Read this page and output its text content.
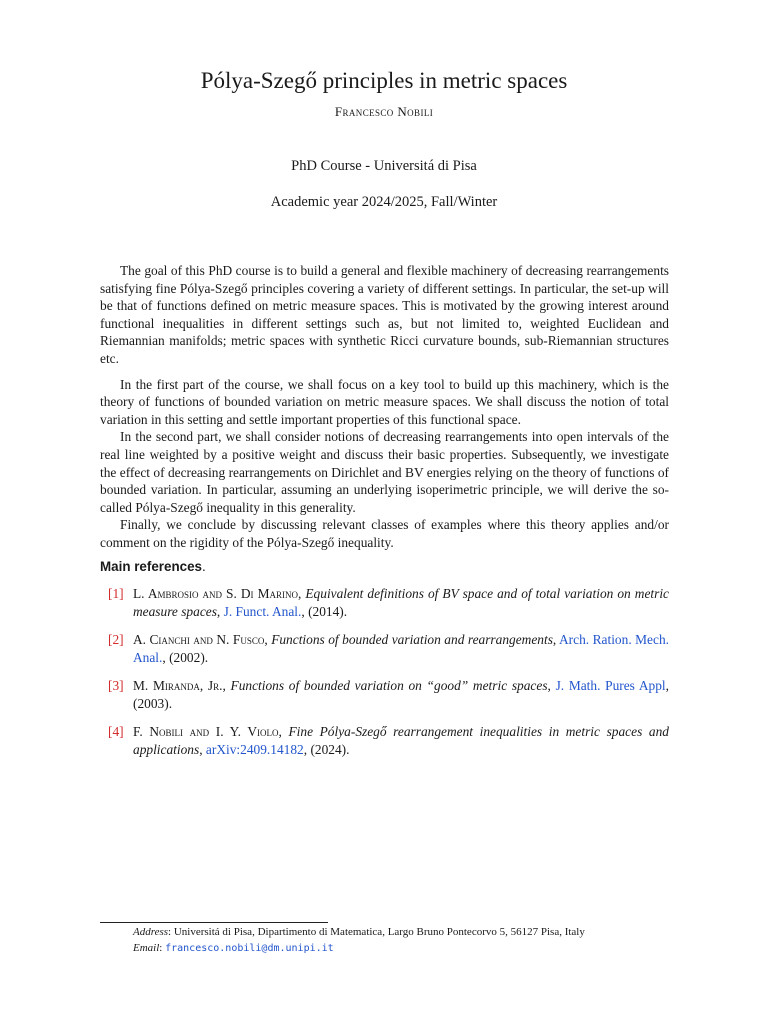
Pólya-Szegő principles in metric spaces
Francesco Nobili
PhD Course - Universitá di Pisa
Academic year 2024/2025, Fall/Winter

The goal of this PhD course is to build a general and flexible machinery of decreasing rearrangements satisfying fine Pólya-Szegő principles covering a variety of different settings. In particular, the set-up will be that of functions defined on metric measure spaces. This is motivated by the growing interest around functional inequalities in different settings such as, but not limited to, weighted Euclidean and Riemannian manifolds; metric spaces with synthetic Ricci curvature bounds, sub-Riemannian structures etc.

In the first part of the course, we shall focus on a key tool to build up this machinery, which is the theory of functions of bounded variation on metric measure spaces. We shall discuss the notion of total variation in this setting and settle important properties of this functional space.

In the second part, we shall consider notions of decreasing rearrangements into open intervals of the real line weighted by a positive weight and discuss their basic properties. Subsequently, we investigate the effect of decreasing rearrangements on Dirichlet and BV energies relying on the theory of functions of bounded variation. In particular, assuming an underlying isoperimetric principle, we will derive the so-called Pólya-Szegő inequality in this generality.

Finally, we conclude by discussing relevant classes of examples where this theory applies and/or comment on the rigidity of the Pólya-Szegő inequality.

Main references.
[1] L. Ambrosio and S. Di Marino, Equivalent definitions of BV space and of total variation on metric measure spaces, J. Funct. Anal., (2014).
[2] A. Cianchi and N. Fusco, Functions of bounded variation and rearrangements, Arch. Ration. Mech. Anal., (2002).
[3] M. Miranda, Jr., Functions of bounded variation on “good” metric spaces, J. Math. Pures Appl, (2003).
[4] F. Nobili and I. Y. Violo, Fine Pólya-Szegő rearrangement inequalities in metric spaces and applications, arXiv:2409.14182, (2024).
Address: Universitá di Pisa, Dipartimento di Matematica, Largo Bruno Pontecorvo 5, 56127 Pisa, Italy
Email: francesco.nobili@dm.unipi.it
